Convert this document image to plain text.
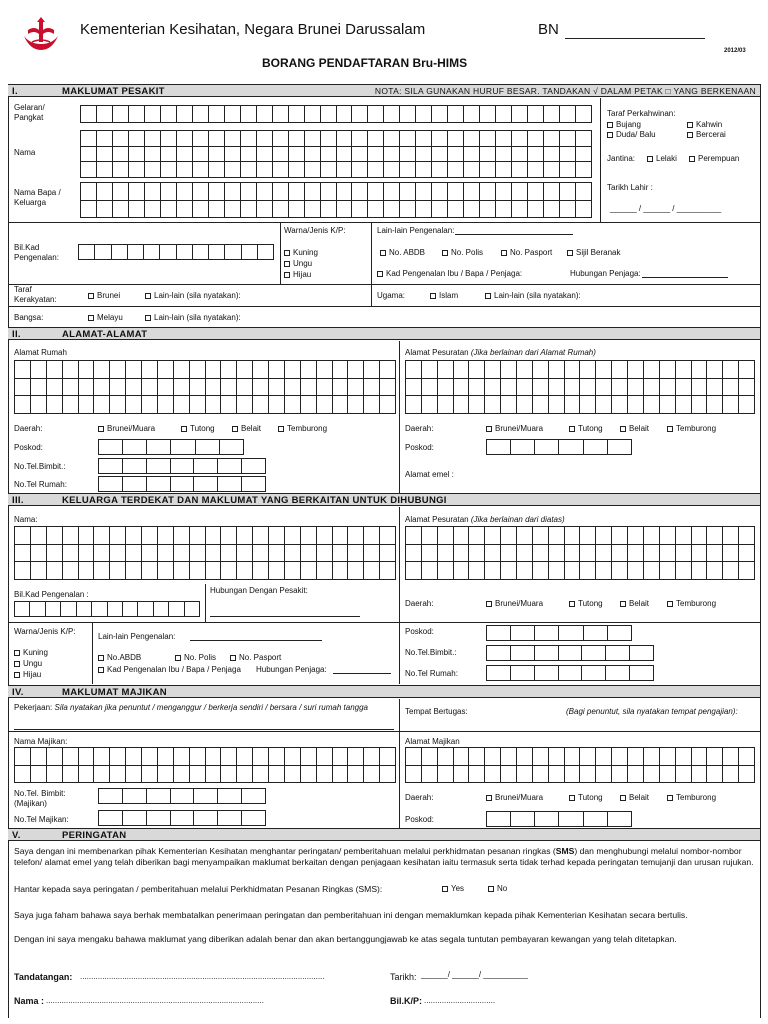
Kementerian Kesihatan, Negara Brunei Darussalam	BN
2012/03
BORANG PENDAFTARAN Bru-HIMS
I.	MAKLUMAT PESAKIT	NOTA: SILA GUNAKAN HURUF BESAR. TANDAKAN √ DALAM PETAK □ YANG BERKENAAN
Gelaran/
Pangkat
Nama
Nama Bapa /
Keluarga
Taraf Perkahwinan:
Bujang	Kahwin
Duda/ Balu	Bercerai
Jantina:	Lelaki	Perempuan
Tarikh Lahir :
______ / ______ / __________
Bil.Kad
Pengenalan:
Warna/Jenis K/P:
Kuning
Ungu
Hijau
Lain-lain Pengenalan:
No. ABDB	No. Polis	No. Pasport	Sijil Beranak
Kad Pengenalan Ibu / Bapa / Penjaga:	Hubungan Penjaga:
Taraf
Kerakyatan:	Brunei	Lain-lain (sila nyatakan):	Ugama:	Islam	Lain-lain (sila nyatakan):
Bangsa:	Melayu	Lain-lain (sila nyatakan):
II.	ALAMAT-ALAMAT
Alamat Rumah	Alamat Pesuratan (Jika berlainan dari Alamat Rumah)
Daerah:	Brunei/Muara	Tutong	Belait	Temburong	Daerah:	Brunei/Muara	Tutong	Belait	Temburong
Poskod:	Poskod:
No.Tel.Bimbit.:
Alamat emel :
No.Tel Rumah:
III.	KELUARGA TERDEKAT DAN MAKLUMAT YANG BERKAITAN UNTUK DIHUBUNGI
Nama:	Alamat Pesuratan (Jika berlainan dari diatas)
Bil.Kad Pengenalan :	Hubungan Dengan Pesakit:
Daerah:	Brunei/Muara	Tutong	Belait	Temburong
Warna/Jenis K/P:
Kuning
Ungu
Hijau
Lain-lain Pengenalan:
No.ABDB	No. Polis	No. Pasport
Kad Pengenalan Ibu / Bapa / Penjaga Hubungan Penjaga:
Poskod:
No.Tel.Bimbit.:
No.Tel Rumah:
IV.	MAKLUMAT MAJIKAN
Pekerjaan: Sila nyatakan jika penuntut / menganggur / berkerja sendiri / bersara / suri rumah tangga	Tempat Bertugas:	(Bagi penuntut, sila nyatakan tempat pengajian):
Nama Majikan:	Alamat Majikan
No.Tel. Bimbit:
(Majikan)
No.Tel Majikan:
Daerah:	Brunei/Muara	Tutong	Belait	Temburong
Poskod:
V.	PERINGATAN
Saya dengan ini membenarkan pihak Kementerian Kesihatan menghantar peringatan/ pemberitahuan melalui perkhidmatan pesanan ringkas (SMS) dan menghubungi melalui nombor-nombor telefon/ alamat emel yang telah diberikan bagi menyampaikan maklumat berkaitan dengan penjagaan kesihatan iaitu termasuk serta tidak terhad kepada peringatan temujanji dan urusan rujukan.
Hantar kepada saya peringatan / pemberitahuan melalui Perkhidmatan Pesanan Ringkas (SMS):	Yes	No
Saya juga faham bahawa saya berhak membatalkan penerimaan peringatan dan pemberitahuan ini dengan memaklumkan kepada pihak Kementerian Kesihatan secara bertulis.
Dengan ini saya mengaku bahawa maklumat yang diberikan adalah benar dan akan bertanggungjawab ke atas segala tuntutan pembayaran kewangan yang telah ditetapkan.
Tandatangan: ..............................................................................................................	Tarikh: ______/ ______/ __________
Nama : ..................................................................................................	Bil.K/P: ................................
